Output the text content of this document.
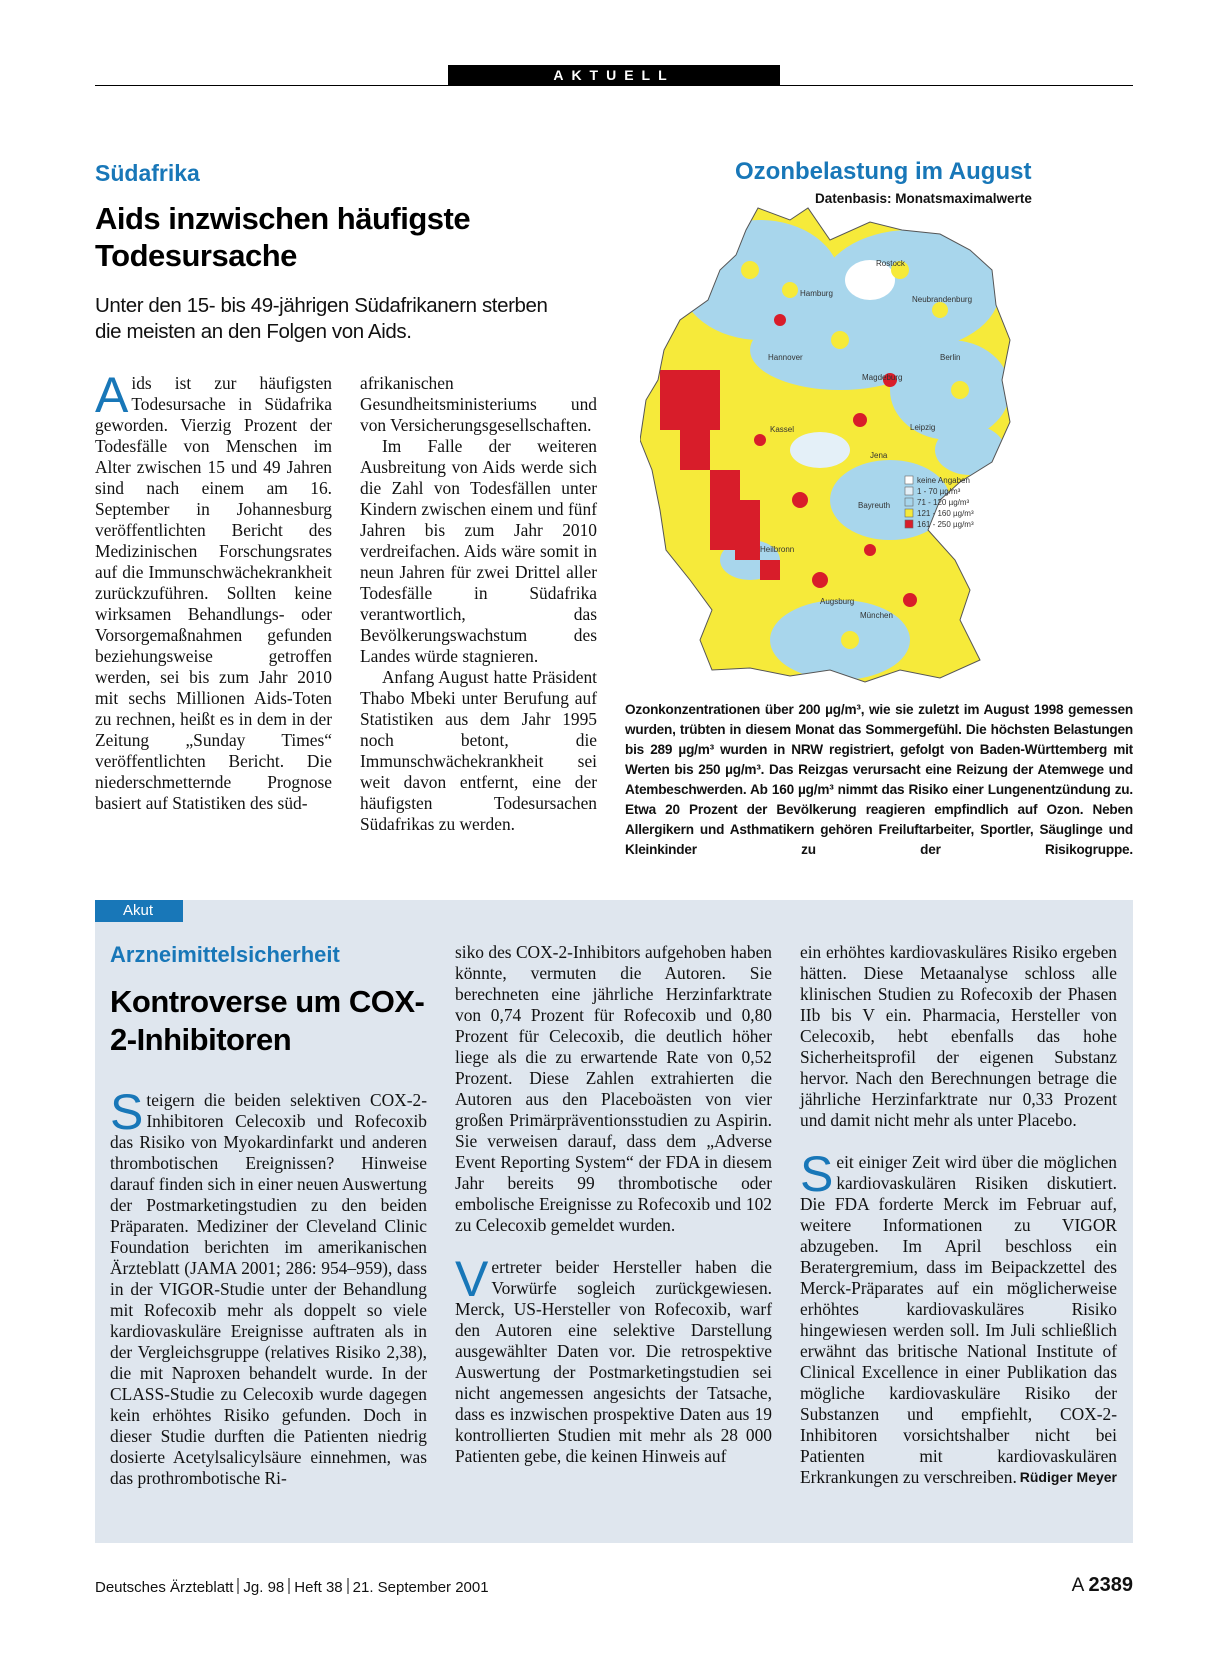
AKTUELL
Südafrika
Aids inzwischen häufigste
Todesursache
Unter den 15- bis 49-jährigen Südafrikanern sterben
die meisten an den Folgen von Aids.

Aids ist zur häufigsten Todesursache in Südafrika geworden. Vierzig Prozent der Todesfälle von Menschen im Alter zwischen 15 und 49 Jahren sind nach einem am 16. September in Johannesburg veröffentlichten Bericht des Medizinischen Forschungsrates auf die Immunschwächekrankheit zurückzuführen. Sollten keine wirksamen Behandlungs- oder Vorsorgemaßnahmen gefunden beziehungsweise getroffen werden, sei bis zum Jahr 2010 mit sechs Millionen Aids-Toten zu rechnen, heißt es in dem in der Zeitung „Sunday Times“ veröffentlichten Bericht. Die niederschmetternde Prognose basiert auf Statistiken des süd-

afrikanischen Gesundheitsministeriums und von Versicherungsgesellschaften.

Im Falle der weiteren Ausbreitung von Aids werde sich die Zahl von Todesfällen unter Kindern zwischen einem und fünf Jahren bis zum Jahr 2010 verdreifachen. Aids wäre somit in neun Jahren für zwei Drittel aller Todesfälle in Südafrika verantwortlich, das Bevölkerungswachstum des Landes würde stagnieren.

Anfang August hatte Präsident Thabo Mbeki unter Berufung auf Statistiken aus dem Jahr 1995 noch betont, die Immunschwächekrankheit sei weit davon entfernt, eine der häufigsten Todesursachen Südafrikas zu werden.

Ozonbelastung im August
Datenbasis: Monatsmaximalwerte
Rostock
Hamburg
Neubrandenburg
Berlin
Hannover
Magdeburg
Leipzig
Kassel
Jena
Bayreuth
Heilbronn
Augsburg
München
keine Angaben
1 - 70 µg/m³
71 - 120 µg/m³
121 - 160 µg/m³
161 - 250 µg/m³
Ozonkonzentrationen über 200 µg/m³, wie sie zuletzt im August 1998 gemessen wurden, trübten in diesem Monat das Sommergefühl. Die höchsten Belastungen bis 289 µg/m³ wurden in NRW registriert, gefolgt von Baden-Württemberg mit Werten bis 250 µg/m³. Das Reizgas verursacht eine Reizung der Atemwege und Atembeschwerden. Ab 160 µg/m³ nimmt das Risiko einer Lungenentzündung zu. Etwa 20 Prozent der Bevölkerung reagieren empfindlich auf Ozon. Neben Allergikern und Asthmatikern gehören Freiluftarbeiter, Sportler, Säuglinge und Kleinkinder zu der Risikogruppe.
Akut
Arzneimittelsicherheit
Kontroverse um COX-
2-Inhibitoren

Steigern die beiden selektiven COX-2-Inhibitoren Celecoxib und Rofecoxib das Risiko von Myokardinfarkt und anderen thrombotischen Ereignissen? Hinweise darauf finden sich in einer neuen Auswertung der Postmarketingstudien zu den beiden Präparaten. Mediziner der Cleveland Clinic Foundation berichten im amerikanischen Ärzteblatt (JAMA 2001; 286: 954–959), dass in der VIGOR-Studie unter der Behandlung mit Rofecoxib mehr als doppelt so viele kardiovaskuläre Ereignisse auftraten als in der Vergleichsgruppe (relatives Risiko 2,38), die mit Naproxen behandelt wurde. In der CLASS-Studie zu Celecoxib wurde dagegen kein erhöhtes Risiko gefunden. Doch in dieser Studie durften die Patienten niedrig dosierte Acetylsalicylsäure einnehmen, was das prothrombotische Ri-

siko des COX-2-Inhibitors aufgehoben haben könnte, vermuten die Autoren. Sie berechneten eine jährliche Herzinfarktrate von 0,74 Prozent für Rofecoxib und 0,80 Prozent für Celecoxib, die deutlich höher liege als die zu erwartende Rate von 0,52 Prozent. Diese Zahlen extrahierten die Autoren aus den Placeboästen von vier großen Primärpräventionsstudien zu Aspirin. Sie verweisen darauf, dass dem „Adverse Event Reporting System“ der FDA in diesem Jahr bereits 99 thrombotische oder embolische Ereignisse zu Rofecoxib und 102 zu Celecoxib gemeldet wurden.

Vertreter beider Hersteller haben die Vorwürfe sogleich zurückgewiesen. Merck, US-Hersteller von Rofecoxib, warf den Autoren eine selektive Darstellung ausgewählter Daten vor. Die retrospektive Auswertung der Postmarketingstudien sei nicht angemessen angesichts der Tatsache, dass es inzwischen prospektive Daten aus 19 kontrollierten Studien mit mehr als 28 000 Patienten gebe, die keinen Hinweis auf

ein erhöhtes kardiovaskuläres Risiko ergeben hätten. Diese Metaanalyse schloss alle klinischen Studien zu Rofecoxib der Phasen IIb bis V ein. Pharmacia, Hersteller von Celecoxib, hebt ebenfalls das hohe Sicherheitsprofil der eigenen Substanz hervor. Nach den Berechnungen betrage die jährliche Herzinfarktrate nur 0,33 Prozent und damit nicht mehr als unter Placebo.

Seit einiger Zeit wird über die möglichen kardiovaskulären Risiken diskutiert. Die FDA forderte Merck im Februar auf, weitere Informationen zu VIGOR abzugeben. Im April beschloss ein Beratergremium, dass im Beipackzettel des Merck-Präparates auf ein möglicherweise erhöhtes kardiovaskuläres Risiko hingewiesen werden soll. Im Juli schließlich erwähnt das britische National Institute of Clinical Excellence in einer Publikation das mögliche kardiovaskuläre Risiko der Substanzen und empfiehlt, COX-2-Inhibitoren vorsichtshalber nicht bei Patienten mit kardiovaskulären Erkrankungen zu verschreiben. Rüdiger Meyer

Deutsches Ärzteblatt Jg. 98 Heft 38 21. September 2001	A 2389
